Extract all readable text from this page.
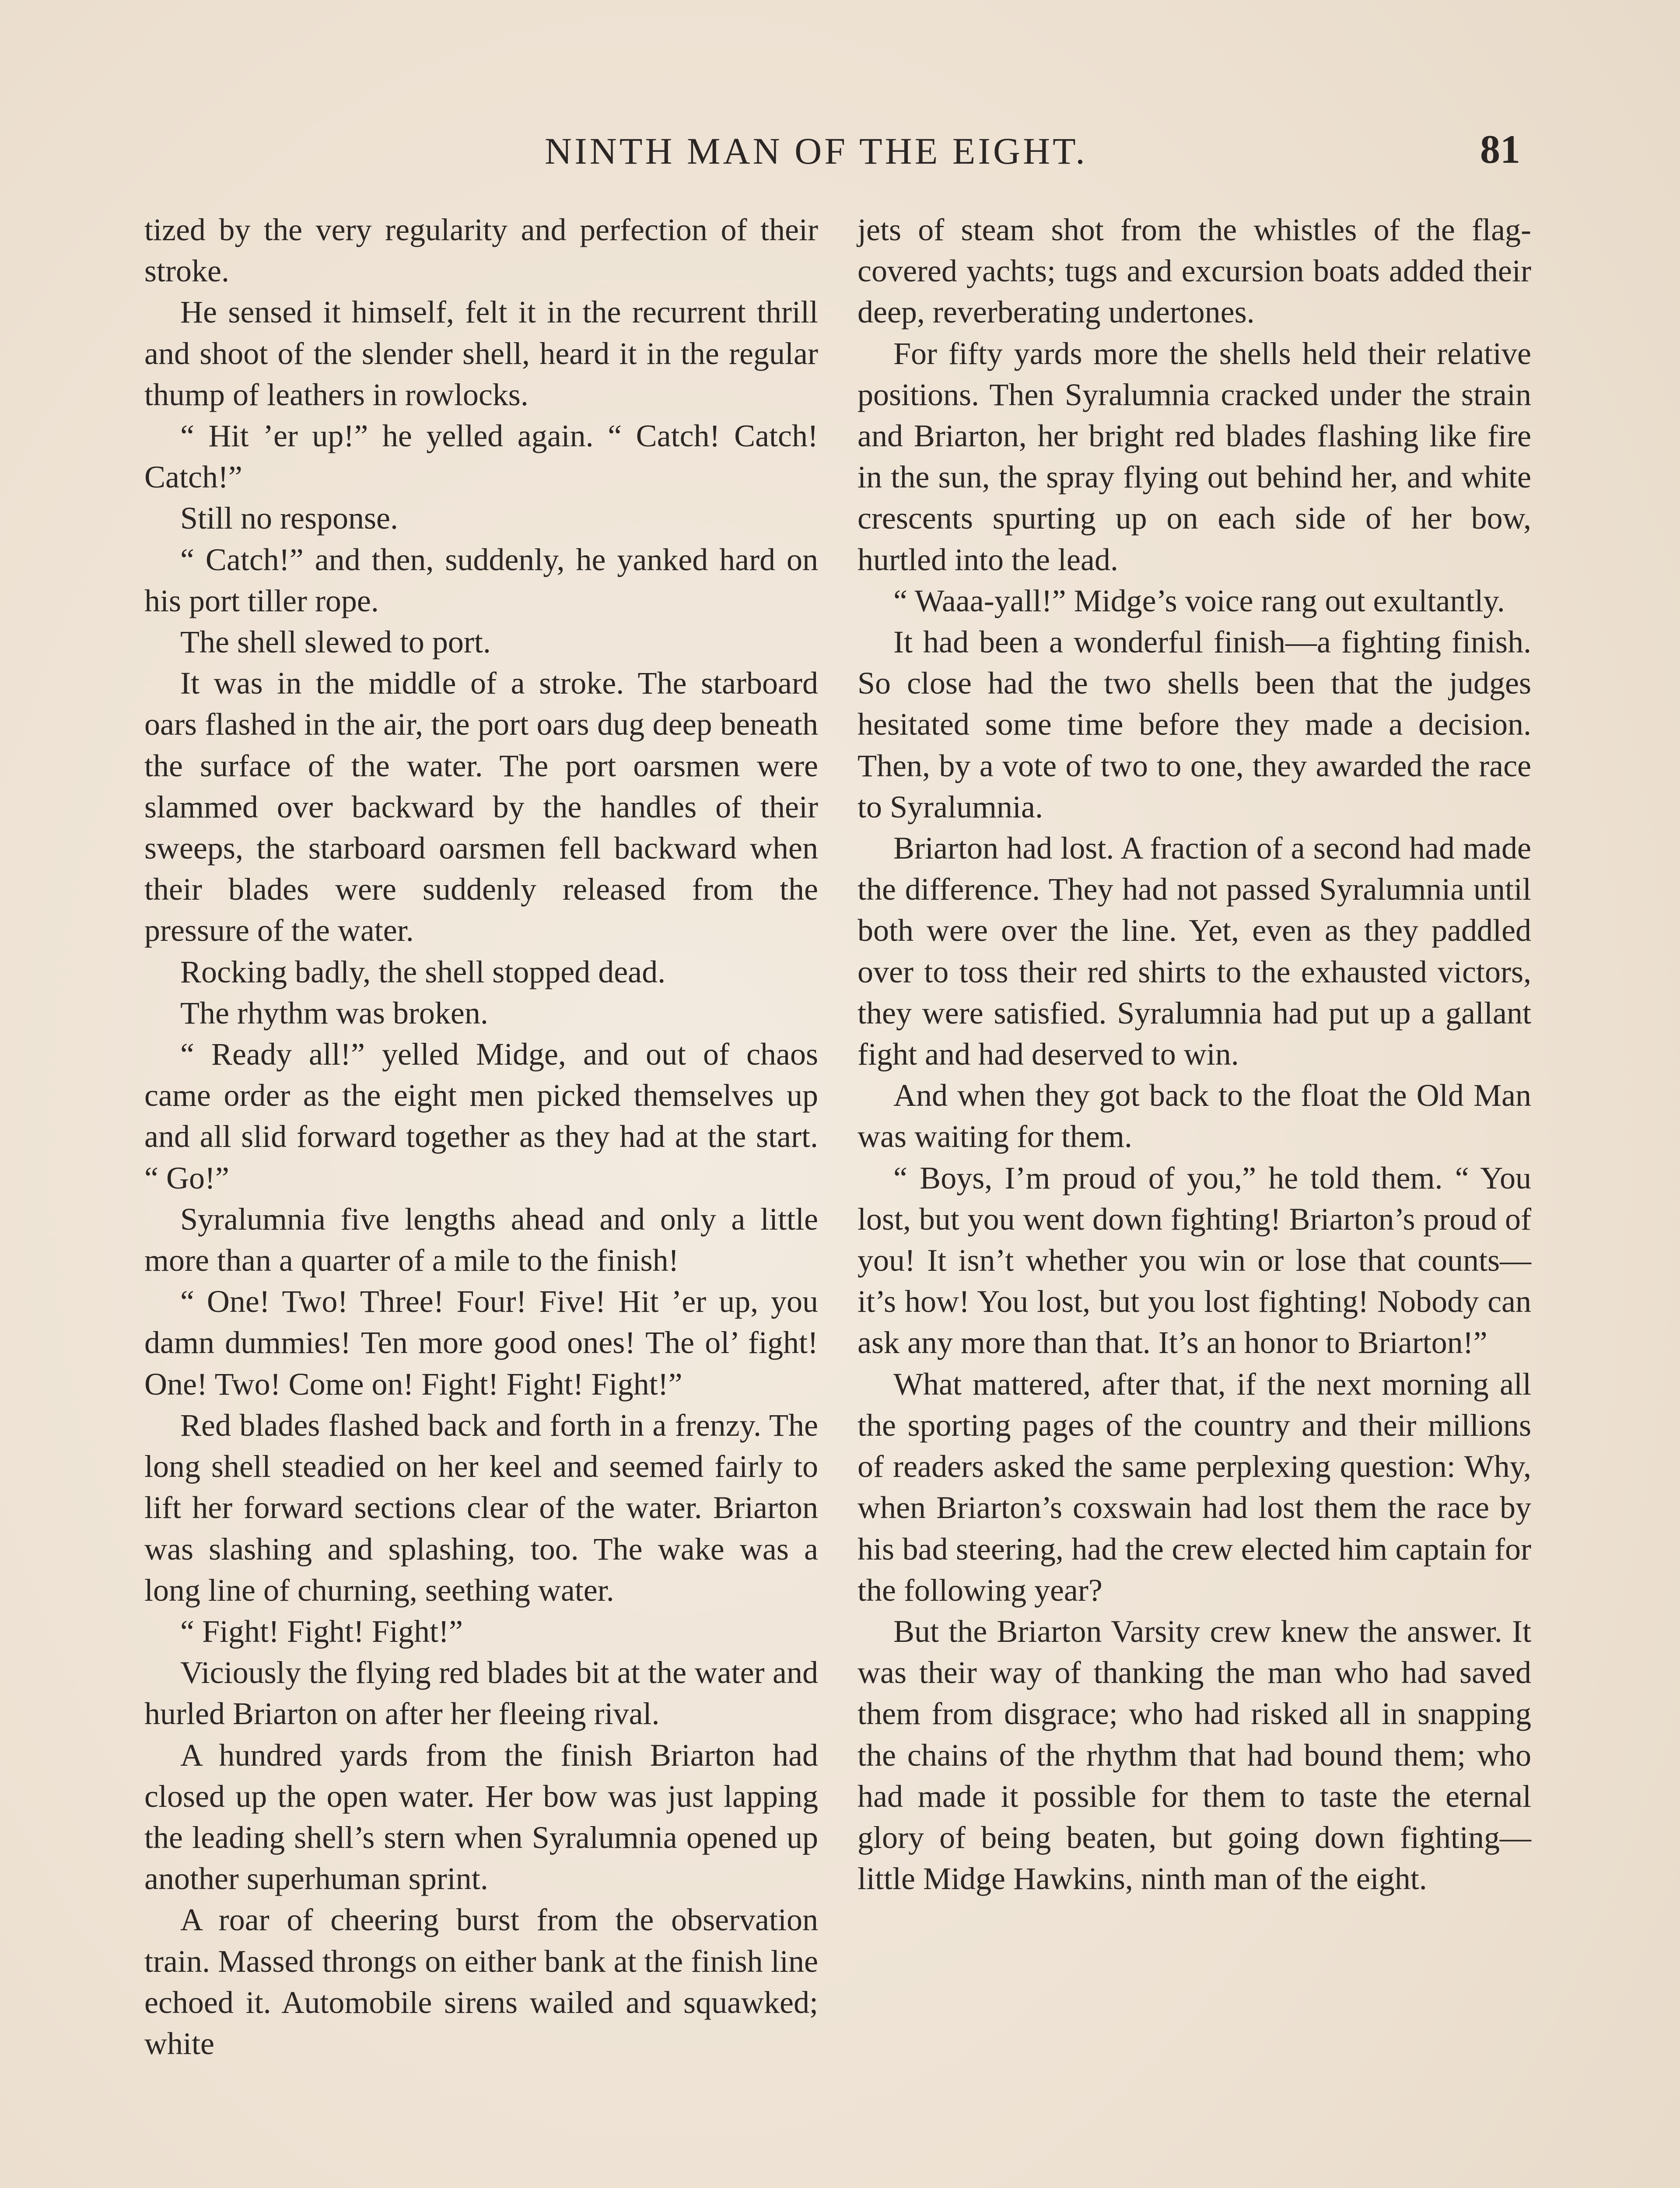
NINTH MAN OF THE EIGHT.	81

tized by the very regularity and perfection of their stroke.

He sensed it himself, felt it in the recurrent thrill and shoot of the slender shell, heard it in the regular thump of leathers in rowlocks.

“ Hit ’er up!” he yelled again. “ Catch! Catch! Catch!”

Still no response.

“ Catch!” and then, suddenly, he yanked hard on his port tiller rope.

The shell slewed to port.

It was in the middle of a stroke. The starboard oars flashed in the air, the port oars dug deep beneath the surface of the water. The port oarsmen were slammed over backward by the handles of their sweeps, the starboard oarsmen fell backward when their blades were suddenly released from the pressure of the water.

Rocking badly, the shell stopped dead.

The rhythm was broken.

“ Ready all!” yelled Midge, and out of chaos came order as the eight men picked themselves up and all slid forward together as they had at the start. “ Go!”

Syralumnia five lengths ahead and only a little more than a quarter of a mile to the finish!

“ One! Two! Three! Four! Five! Hit ’er up, you damn dummies! Ten more good ones! The ol’ fight! One! Two! Come on! Fight! Fight! Fight!”

Red blades flashed back and forth in a frenzy. The long shell steadied on her keel and seemed fairly to lift her forward sections clear of the water. Briarton was slashing and splashing, too. The wake was a long line of churning, seething water.

“ Fight! Fight! Fight!”

Viciously the flying red blades bit at the water and hurled Briarton on after her fleeing rival.

A hundred yards from the finish Briarton had closed up the open water. Her bow was just lapping the leading shell’s stern when Syralumnia opened up another superhuman sprint.

A roar of cheering burst from the observation train. Massed throngs on either bank at the finish line echoed it. Automobile sirens wailed and squawked; white

jets of steam shot from the whistles of the flag-covered yachts; tugs and excursion boats added their deep, reverberating undertones.

For fifty yards more the shells held their relative positions. Then Syralumnia cracked under the strain and Briarton, her bright red blades flashing like fire in the sun, the spray flying out behind her, and white crescents spurting up on each side of her bow, hurtled into the lead.

“ Waaa-yall!” Midge’s voice rang out exultantly.

It had been a wonderful finish—a fighting finish. So close had the two shells been that the judges hesitated some time before they made a decision. Then, by a vote of two to one, they awarded the race to Syralumnia.

Briarton had lost. A fraction of a second had made the difference. They had not passed Syralumnia until both were over the line. Yet, even as they paddled over to toss their red shirts to the exhausted victors, they were satisfied. Syralumnia had put up a gallant fight and had deserved to win.

And when they got back to the float the Old Man was waiting for them.

“ Boys, I’m proud of you,” he told them. “ You lost, but you went down fighting! Briarton’s proud of you! It isn’t whether you win or lose that counts—it’s how! You lost, but you lost fighting! Nobody can ask any more than that. It’s an honor to Briarton!”

What mattered, after that, if the next morning all the sporting pages of the country and their millions of readers asked the same perplexing question: Why, when Briarton’s coxswain had lost them the race by his bad steering, had the crew elected him captain for the following year?

But the Briarton Varsity crew knew the answer. It was their way of thanking the man who had saved them from disgrace; who had risked all in snapping the chains of the rhythm that had bound them; who had made it possible for them to taste the eternal glory of being beaten, but going down fighting—little Midge Hawkins, ninth man of the eight.
